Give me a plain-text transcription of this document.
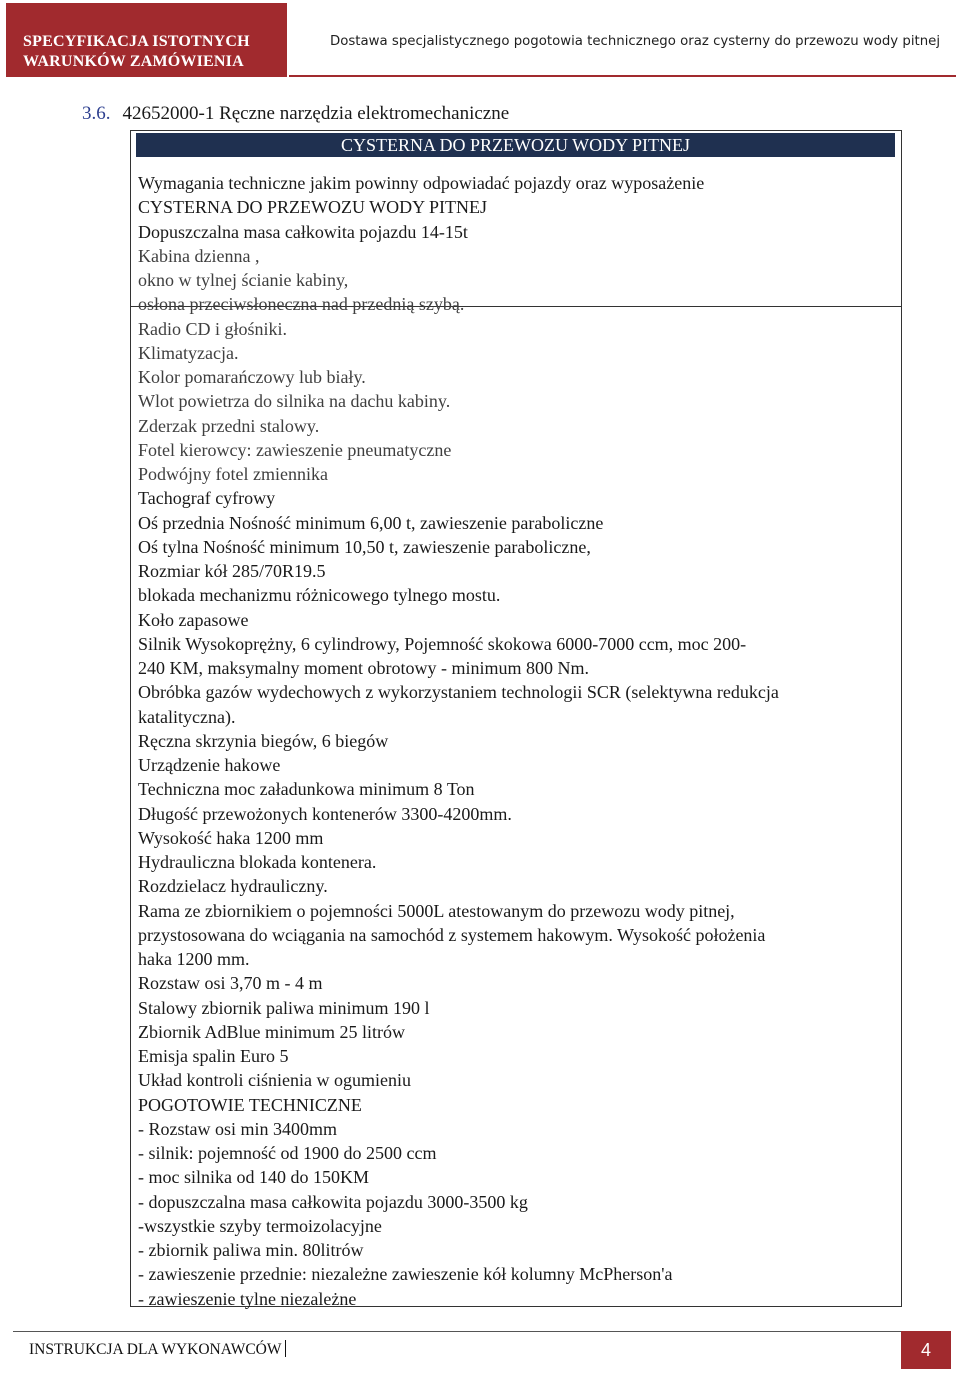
SPECYFIKACJA ISTOTNYCH
WARUNKÓW ZAMÓWIENIA
Dostawa specjalistycznego pogotowia technicznego oraz cysterny do przewozu wody pitnej
3.6. 42652000-1 Ręczne narzędzia elektromechaniczne
CYSTERNA DO PRZEWOZU WODY PITNEJ
Wymagania techniczne jakim powinny odpowiadać pojazdy oraz wyposażenie
CYSTERNA DO PRZEWOZU WODY PITNEJ
Dopuszczalna masa całkowita pojazdu 14-15t
Kabina dzienna ,
okno w tylnej ścianie kabiny,
osłona przeciwsłoneczna nad przednią szybą.
Radio CD i głośniki.
Klimatyzacja.
Kolor pomarańczowy lub biały.
Wlot powietrza do silnika na dachu kabiny.
Zderzak przedni stalowy.
Fotel kierowcy: zawieszenie pneumatyczne
Podwójny fotel zmiennika
Tachograf cyfrowy
Oś przednia Nośność minimum 6,00 t, zawieszenie paraboliczne
Oś tylna Nośność minimum 10,50 t, zawieszenie paraboliczne,
Rozmiar kół 285/70R19.5
blokada mechanizmu różnicowego tylnego mostu.
Koło zapasowe
Silnik Wysokoprężny, 6 cylindrowy, Pojemność skokowa 6000-7000 ccm, moc 200-
240 KM, maksymalny moment obrotowy - minimum 800 Nm.
Obróbka gazów wydechowych z wykorzystaniem technologii SCR (selektywna redukcja
katalityczna).
Ręczna skrzynia biegów, 6 biegów
Urządzenie hakowe
Techniczna moc załadunkowa minimum 8 Ton
Długość przewożonych kontenerów 3300-4200mm.
Wysokość haka 1200 mm
Hydrauliczna blokada kontenera.
Rozdzielacz hydrauliczny.
Rama ze zbiornikiem o pojemności 5000L atestowanym do przewozu wody pitnej,
przystosowana do wciągania na samochód z systemem hakowym. Wysokość położenia
haka 1200 mm.
Rozstaw osi 3,70 m - 4 m
Stalowy zbiornik paliwa minimum 190 l
Zbiornik AdBlue minimum 25 litrów
Emisja spalin Euro 5
Układ kontroli ciśnienia w ogumieniu
POGOTOWIE TECHNICZNE
- Rozstaw osi min 3400mm
- silnik: pojemność od 1900 do 2500 ccm
- moc silnika od 140 do 150KM
- dopuszczalna masa całkowita pojazdu 3000-3500 kg
-wszystkie szyby termoizolacyjne
- zbiornik paliwa min. 80litrów
- zawieszenie przednie: niezależne zawieszenie kół kolumny McPherson'a
- zawieszenie tylne niezależne
INSTRUKCJA DLA WYKONAWCÓW	4
